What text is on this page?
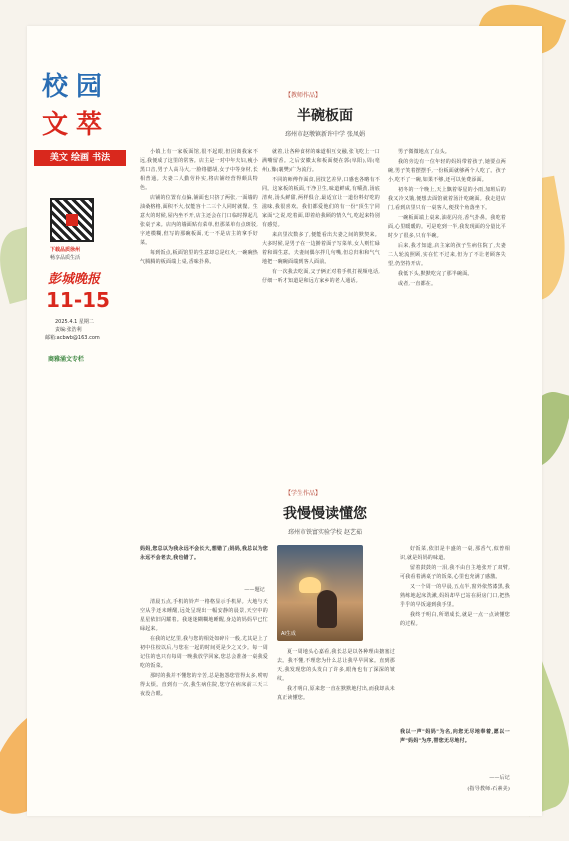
校 园
文 萃
美文 绘画 书法
下载品质徐州
畅享品质生活
彭城晚报
11-15
2025.4.1 星期二
责编:张浩利
邮箱:acbwb@163.com
商雅涌文专栏
【教师作品】
半碗板面
邳州市赵墩镇新许中学 张凤娟

小镇上有一家板面馆,很不起眼,但因离我家不远,我便成了这里的常客。店主是一对中年夫妇,瘦小黑口音,男子人高马大,一脸络腮胡,女子中等身材,长相普通。夫妻二人勤劳朴实,将店铺经营得颇具特色。

店铺的位置有点偏,铺面也只挤了两张,一面墙的油桑格格,面积不大,仅能容十二三个人同时就餐。生意火的时候,屋内坐不开,店主还会在门口临时撑起几张桌子来。店内的墙面贴有菜单,但那菜单有点斑驳,字迹模糊,但写的那碗板面,无一不是店主的拿手好菜。

每到饭点,板面馆里的生意却总是红火,一碗碗热气腾腾的板面端上桌,香味扑鼻。

就着,让各种食材的味道相互交融,张飞吃上一口满嘴留香。之后安徽太和板面便在郭(阜阳),周(亳州),豫(襄樊)广为流行。

不同的师傅作面食,因技艺差异,口感也各略有不同。这家板的板面,干净卫生,味道鲜咸,有嚼劲,汤底清爽,汤头鲜甜,两样俱合,最适宜让一道份料好吃的滋味,我很喜欢。我们都爱他们的有一份"顶生宁同家面"之说,吃着面,即着给我顾的情久气,吃起来特别有感觉。

来店里次数多了,便能看出夫妻之间的默契来。大多时候,是男子在一边擀着面子写菜单,女人则忙碌着和调生意。夫妻间偶尔拌几句嘴,但总归和和气气地把一碗碗面端到客人面前。

有一次我去吃面,父子俩正对着手机打视频电话,仔细一听才知道是和远方家乡的老人通话。

男子微微地点了点头。

我的旁边有一位年轻的妈妈带着孩子,她要点两碗,男子笑着摆摆手,一份板面就够两个人吃了。孩子小,吃不了一碗,如果不够,还可以免费添面。

初冬的一个晚上,天上飘着零星的小雨,加班后的我又冷又饿,便想去面馆就着汤汁吃碗面。我走进店门,看到店里只有一桌客人,便找个角落坐下。

一碗板面端上桌来,油花闪亮,香气扑鼻。我吃着面,心里暖暖的。可是吃到一半,我发现面的分量比平时少了很多,只有半碗。

后来,我才知道,店主家的孩子生病住院了,夫妻二人轮流照顾,实在忙不过来,但为了不让老顾客失望,仍坚持开店。

我低下头,默默吃完了那半碗面。

或者,一直都在。

【学生作品】
我慢慢读懂您
邳州市铁富实验学校 赵艺茹
妈妈,您总以为我永远不会长大,想错了;妈妈,我总以为您永远不会老去,我也错了。
——题记

清晨五点,手机的铃声一格格显示手机屏。大地与天空从乎还未睡醒,远处呈现出一幅安静的晨景,天空中的星星依旧闪耀着。我迷迷糊糊地睡醒,身边的妈妈早已忙碌起来。

在我的记忆里,我与您的相处如碎片一般,尤其是上了初中住校以后,与您在一起的时间更是少之又少。每一周记住的也只有每周一晚我放学回家,您总会准备一桌我爱吃的饭菜。

那时的我并不懂您的辛苦,总是抱怨您管得太多,唠叨得太烦。直到有一次,我生病住院,您守在病床前三天三夜没合眼。

AI生成

夏一周地头心嘉看,我长总是以各种理由搪塞过去。我不懂,不理您为什么总让我早早回家。直到那天,我发现您的头发白了许多,眼角也有了深深的皱纹。

我才明白,原来您一直在默默地付出,而我却从未真正读懂您。

好饭菜,依旧是丰盛的一桌,那香气,似曾相识,就是妈妈的味道。

留着鼓鼓的一泪,我不由自主地张开了双臂,可我看着满桌子的饭菜,心里也充满了感激。

又一个周一的早晨,五点半,窗外依然漆黑,我熟练地起床洗漱,妈妈却早已站在厨房门口,把热乎乎的早饭递到我手里。

我终于明白,所谓成长,就是一点一点读懂您的过程。

我以一声"妈妈"为名,向您无尽地奉着,愿以一声"妈妈"为序,替您无尽地付。
——后记
(指导教师:石素美)
